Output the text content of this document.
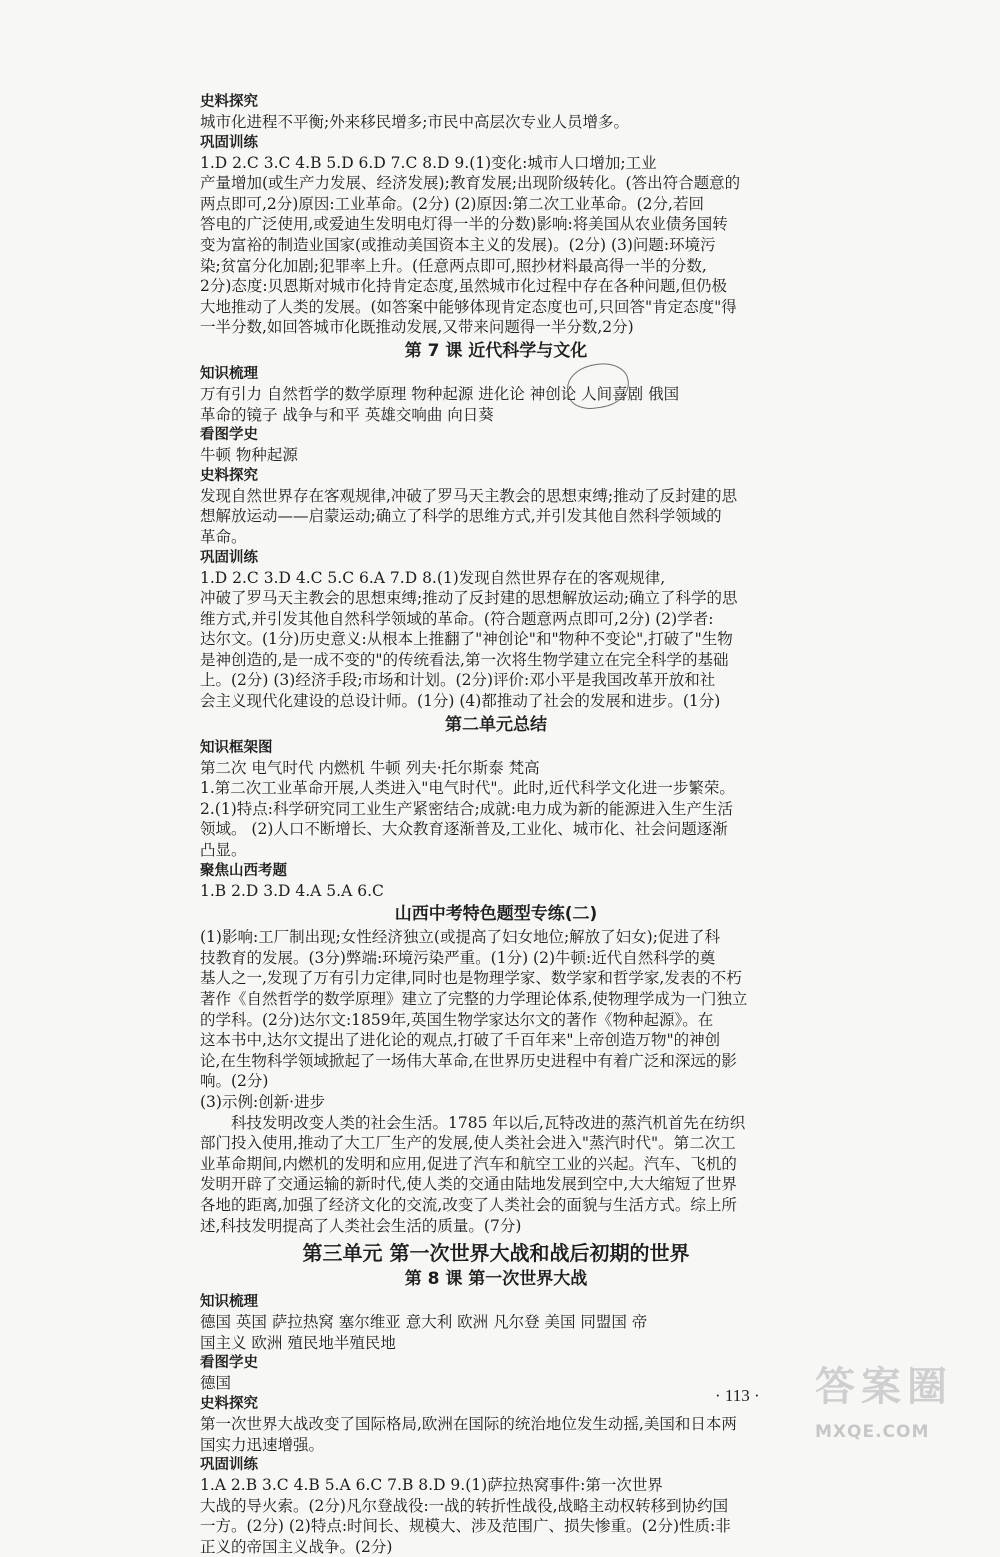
史料探究
城市化进程不平衡;外来移民增多;市民中高层次专业人员增多。
巩固训练
1.D 2.C 3.C 4.B 5.D 6.D 7.C 8.D 9.(1)变化:城市人口增加;工业
产量增加(或生产力发展、经济发展);教育发展;出现阶级转化。(答出符合题意的
两点即可,2分)原因:工业革命。(2分) (2)原因:第二次工业革命。(2分,若回
答电的广泛使用,或爱迪生发明电灯得一半的分数)影响:将美国从农业债务国转
变为富裕的制造业国家(或推动美国资本主义的发展)。(2分) (3)问题:环境污
染;贫富分化加剧;犯罪率上升。(任意两点即可,照抄材料最高得一半的分数,
2分)态度:贝恩斯对城市化持肯定态度,虽然城市化过程中存在各种问题,但仍极
大地推动了人类的发展。(如答案中能够体现肯定态度也可,只回答"肯定态度"得
一半分数,如回答城市化既推动发展,又带来问题得一半分数,2分)
第 7 课 近代科学与文化
知识梳理
万有引力 自然哲学的数学原理 物种起源 进化论 神创论 人间喜剧 俄国
革命的镜子 战争与和平 英雄交响曲 向日葵
看图学史
牛顿 物种起源
史料探究
发现自然世界存在客观规律,冲破了罗马天主教会的思想束缚;推动了反封建的思
想解放运动——启蒙运动;确立了科学的思维方式,并引发其他自然科学领域的
革命。
巩固训练
1.D 2.C 3.D 4.C 5.C 6.A 7.D 8.(1)发现自然世界存在的客观规律,
冲破了罗马天主教会的思想束缚;推动了反封建的思想解放运动;确立了科学的思
维方式,并引发其他自然科学领域的革命。(符合题意两点即可,2分) (2)学者:
达尔文。(1分)历史意义:从根本上推翻了"神创论"和"物种不变论",打破了"生物
是神创造的,是一成不变的"的传统看法,第一次将生物学建立在完全科学的基础
上。(2分) (3)经济手段;市场和计划。(2分)评价:邓小平是我国改革开放和社
会主义现代化建设的总设计师。(1分) (4)都推动了社会的发展和进步。(1分)
第二单元总结
知识框架图
第二次 电气时代 内燃机 牛顿 列夫·托尔斯泰 梵高
1.第二次工业革命开展,人类进入"电气时代"。此时,近代科学文化进一步繁荣。
2.(1)特点:科学研究同工业生产紧密结合;成就:电力成为新的能源进入生产生活
领域。 (2)人口不断增长、大众教育逐渐普及,工业化、城市化、社会问题逐渐
凸显。
聚焦山西考题
1.B 2.D 3.D 4.A 5.A 6.C
山西中考特色题型专练(二)
(1)影响:工厂制出现;女性经济独立(或提高了妇女地位;解放了妇女);促进了科
技教育的发展。(3分)弊端:环境污染严重。(1分) (2)牛顿:近代自然科学的奠
基人之一,发现了万有引力定律,同时也是物理学家、数学家和哲学家,发表的不朽
著作《自然哲学的数学原理》建立了完整的力学理论体系,使物理学成为一门独立
的学科。(2分)达尔文:1859年,英国生物学家达尔文的著作《物种起源》。在
这本书中,达尔文提出了进化论的观点,打破了千百年来"上帝创造万物"的神创
论,在生物科学领域掀起了一场伟大革命,在世界历史进程中有着广泛和深远的影
响。(2分)
(3)示例:创新·进步
科技发明改变人类的社会生活。1785 年以后,瓦特改进的蒸汽机首先在纺织
部门投入使用,推动了大工厂生产的发展,使人类社会进入"蒸汽时代"。第二次工
业革命期间,内燃机的发明和应用,促进了汽车和航空工业的兴起。汽车、飞机的
发明开辟了交通运输的新时代,使人类的交通由陆地发展到空中,大大缩短了世界
各地的距离,加强了经济文化的交流,改变了人类社会的面貌与生活方式。综上所
述,科技发明提高了人类社会生活的质量。(7分)
第三单元 第一次世界大战和战后初期的世界
第 8 课 第一次世界大战
知识梳理
德国 英国 萨拉热窝 塞尔维亚 意大利 欧洲 凡尔登 美国 同盟国 帝
国主义 欧洲 殖民地半殖民地
看图学史
德国
史料探究
第一次世界大战改变了国际格局,欧洲在国际的统治地位发生动摇,美国和日本两
国实力迅速增强。
巩固训练
1.A 2.B 3.C 4.B 5.A 6.C 7.B 8.D 9.(1)萨拉热窝事件:第一次世界
大战的导火索。(2分)凡尔登战役:一战的转折性战役,战略主动权转移到协约国
一方。(2分) (2)特点:时间长、规模大、涉及范围广、损失惨重。(2分)性质:非
正义的帝国主义战争。(2分)
· 113 · 答案圈
MXQE.COM
